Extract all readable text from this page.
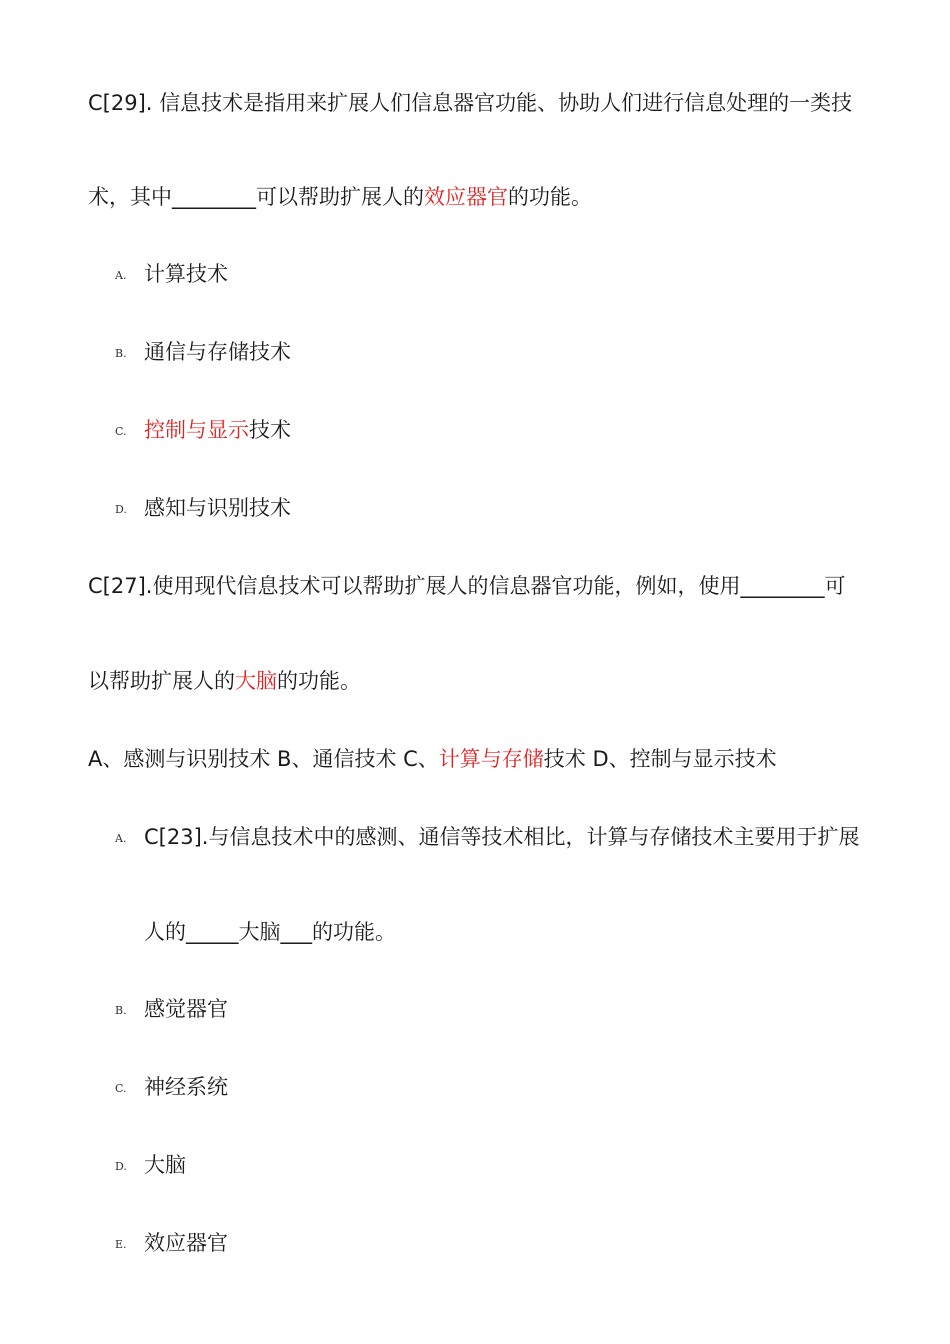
C[29]. 信息技术是指用来扩展人们信息器官功能、协助人们进行信息处理的一类技
术，其中________可以帮助扩展人的效应器官的功能。
A. 计算技术
B. 通信与存储技术
C. 控制与显示技术
D. 感知与识别技术
C[27].使用现代信息技术可以帮助扩展人的信息器官功能，例如，使用________可
以帮助扩展人的大脑的功能。
A、感测与识别技术 B、通信技术 C、计算与存储技术 D、控制与显示技术
A. C[23].与信息技术中的感测、通信等技术相比，计算与存储技术主要用于扩展
人的_____大脑___的功能。
B. 感觉器官
C. 神经系统
D. 大脑
E. 效应器官
